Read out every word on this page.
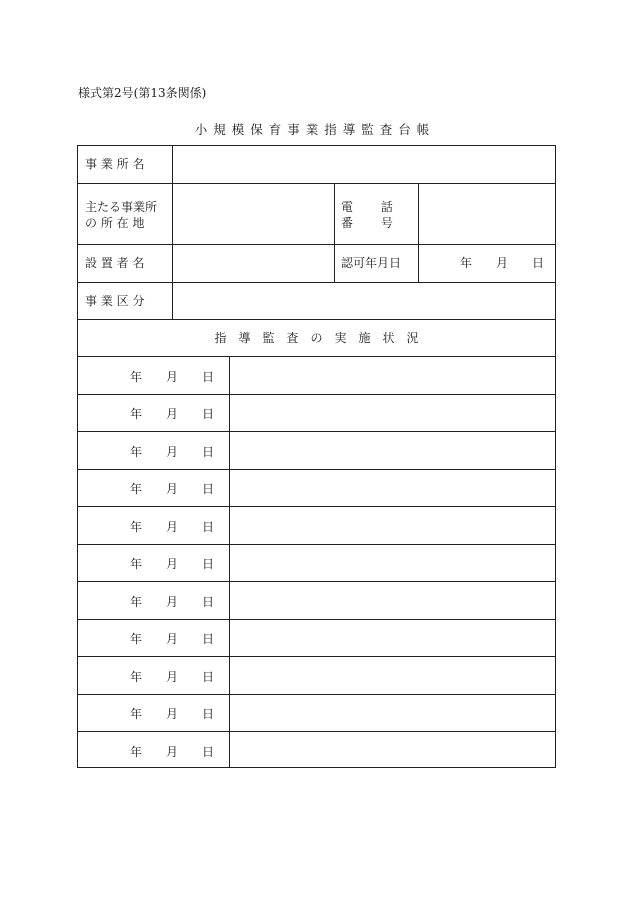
様式第2号(第13条関係)
小規模保育事業指導監査台帳
事 業 所 名
主たる事業所
の 所 在 地
電　　 話
番　　 号
設 置 者 名	認可年月日	年　　月　　日
事 業 区 分
指　導　監　査　の　実　施　状　況
年　　月　　日
年　　月　　日
年　　月　　日
年　　月　　日
年　　月　　日
年　　月　　日
年　　月　　日
年　　月　　日
年　　月　　日
年　　月　　日
年　　月　　日
